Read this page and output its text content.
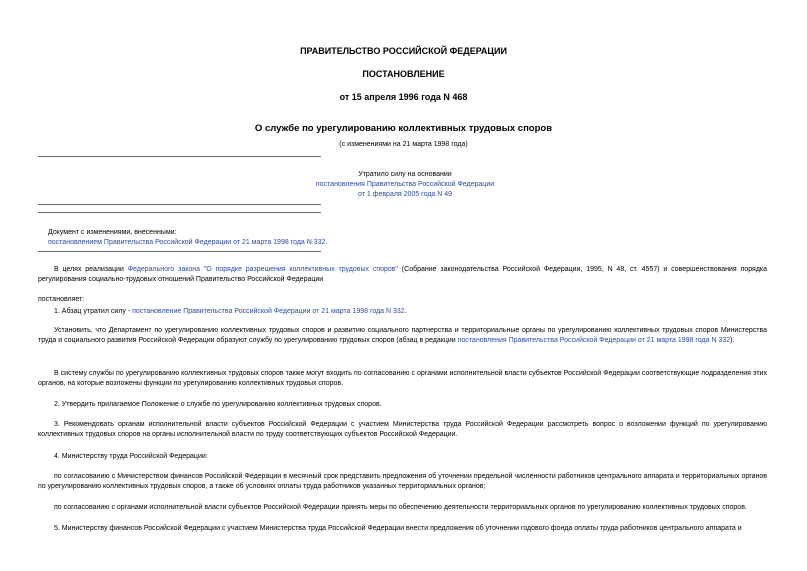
ПРАВИТЕЛЬСТВО РОССИЙСКОЙ ФЕДЕРАЦИИ
ПОСТАНОВЛЕНИЕ
от 15 апреля 1996 года N 468
О службе по урегулированию коллективных трудовых споров
(с изменениями на 21 марта 1998 года)
Утратило силу на основании
постановления Правительства Российской Федерации
от 1 февраля 2005 года N 49
Документ с изменениями, внесенными:
постановлением Правительства Российской Федерации от 21 марта 1998 года N 332.
В целях реализации Федерального закона "О порядке разрешения коллективных трудовых споров" (Собрание законодательства Российской Федерации, 1995, N 48, ст. 4557) и совершенствования порядка регулирования социально-трудовых отношений Правительство Российской Федерации
постановляет:
1. Абзац утратил силу - постановление Правительства Российской Федерации от 21 марта 1998 года N 332.
Установить, что Департамент по урегулированию коллективных трудовых споров и развитию социального партнерства и территориальные органы по урегулированию коллективных трудовых споров Министерства труда и социального развития Российской Федерации образуют службу по урегулированию трудовых споров (абзац в редакции постановления Правительства Российской Федерации от 21 марта 1998 года N 332).
В систему службы по урегулированию коллективных трудовых споров также могут входить по согласованию с органами исполнительной власти субъектов Российской Федерации соответствующие подразделения этих органов, на которые возложены функции по урегулированию коллективных трудовых споров.
2. Утвердить прилагаемое Положение о службе по урегулированию коллективных трудовых споров.
3. Рекомендовать органам исполнительной власти субъектов Российской Федерации с участием Министерства труда Российской Федерации рассмотреть вопрос о возложении функций по урегулированию коллективных трудовых споров на органы исполнительной власти по труду соответствующих субъектов Российской Федерации.
4. Министерству труда Российской Федерации:
по согласованию с Министерством финансов Российской Федерации в месячный срок представить предложения об уточнении предельной численности работников центрального аппарата и территориальных органов по урегулированию коллективных трудовых споров, а также об условиях оплаты труда работников указанных территориальных органов;
по согласованию с органами исполнительной власти субъектов Российской Федерации принять меры по обеспечению деятельности территориальных органов по урегулированию коллективных трудовых споров.
5. Министерству финансов Российской Федерации с участием Министерства труда Российской Федерации внести предложения об уточнении годового фонда оплаты труда работников центрального аппарата и
